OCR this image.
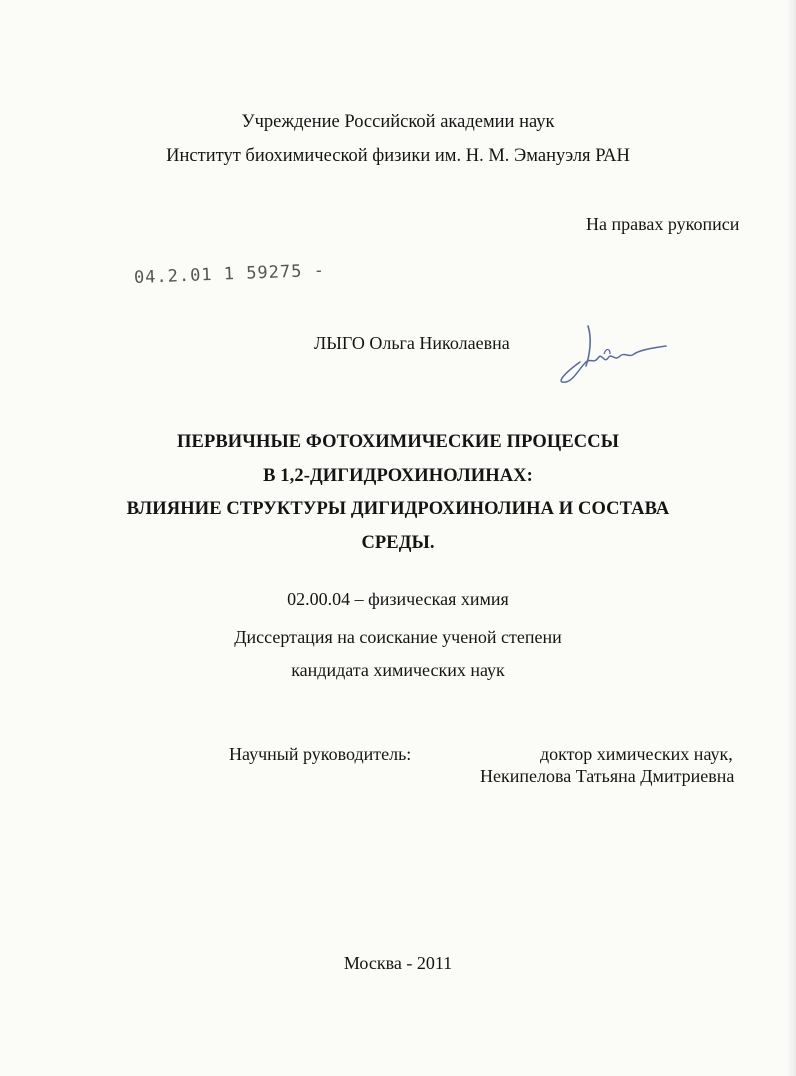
Учреждение Российской академии наук
Институт биохимической физики им. Н. М. Эмануэля РАН
На правах рукописи
04.2.01 1 59275 -
ЛЫГО Ольга Николаевна
ПЕРВИЧНЫЕ ФОТОХИМИЧЕСКИЕ ПРОЦЕССЫ
В 1,2-ДИГИДРОХИНОЛИНАХ:
ВЛИЯНИЕ СТРУКТУРЫ ДИГИДРОХИНОЛИНА И СОСТАВА
СРЕДЫ.
02.00.04 – физическая химия
Диссертация на соискание ученой степени
кандидата химических наук
Научный руководитель:	доктор химических наук,
Некипелова Татьяна Дмитриевна
Москва - 2011
